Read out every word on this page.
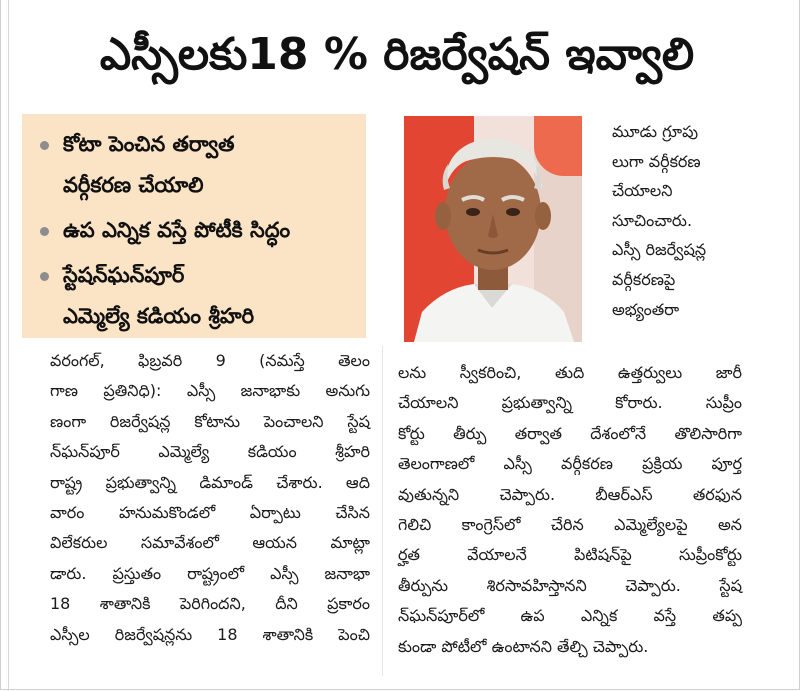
ఎస్సీలకు18 % రిజర్వేషన్ ఇవ్వాలి
కోటా పెంచిన తర్వాత
వర్గీకరణ చేయాలి
ఉప ఎన్నిక వస్తే పోటీకి సిద్ధం
స్టేషన్‌ఘన్‌పూర్
ఎమ్మెల్యే కడియం శ్రీహరి
మూడు గ్రూపు
లుగా వర్గీకరణ
చేయాలని
సూచించారు.
ఎస్సీ రిజర్వేషన్ల
వర్గీకరణపై
అభ్యంతరా
వరంగల్, ఫిబ్రవరి 9 (నమస్తే తెలం
గాణ ప్రతినిధి): ఎస్సీ జనాభాకు అనుగు
ణంగా రిజర్వేషన్ల కోటాను పెంచాలని స్టేష
న్‌ఘన్‌పూర్ ఎమ్మెల్యే కడియం శ్రీహరి
రాష్ట్ర ప్రభుత్వాన్ని డిమాండ్ చేశారు. ఆది
వారం హనుమకొండలో ఏర్పాటు చేసిన
విలేకరుల సమావేశంలో ఆయన మాట్లా
డారు. ప్రస్తుతం రాష్ట్రంలో ఎస్సీ జనాభా
18 శాతానికి పెరిగిందని, దీని ప్రకారం
ఎస్సీల రిజర్వేషన్లను 18 శాతానికి పెంచి
లను స్వీకరించి, తుది ఉత్తర్వులు జారీ
చేయాలని ప్రభుత్వాన్ని కోరారు. సుప్రీం
కోర్టు తీర్పు తర్వాత దేశంలోనే తొలిసారిగా
తెలంగాణలో ఎస్సీ వర్గీకరణ ప్రక్రియ పూర్త
వుతున్నని చెప్పారు. బీఆర్‌ఎస్ తరఫున
గెలిచి కాంగ్రెస్‌లో చేరిన ఎమ్మెల్యేలపై అన
ర్హత వేయాలనే పిటిషన్‌పై సుప్రీంకోర్టు
తీర్పును శిరసావహిస్తానని చెప్పారు. స్టేష
న్‌ఘన్‌పూర్‌లో ఉప ఎన్నిక వస్తే తప్ప
కుండా పోటీలో ఉంటానని తేల్చి చెప్పారు.
